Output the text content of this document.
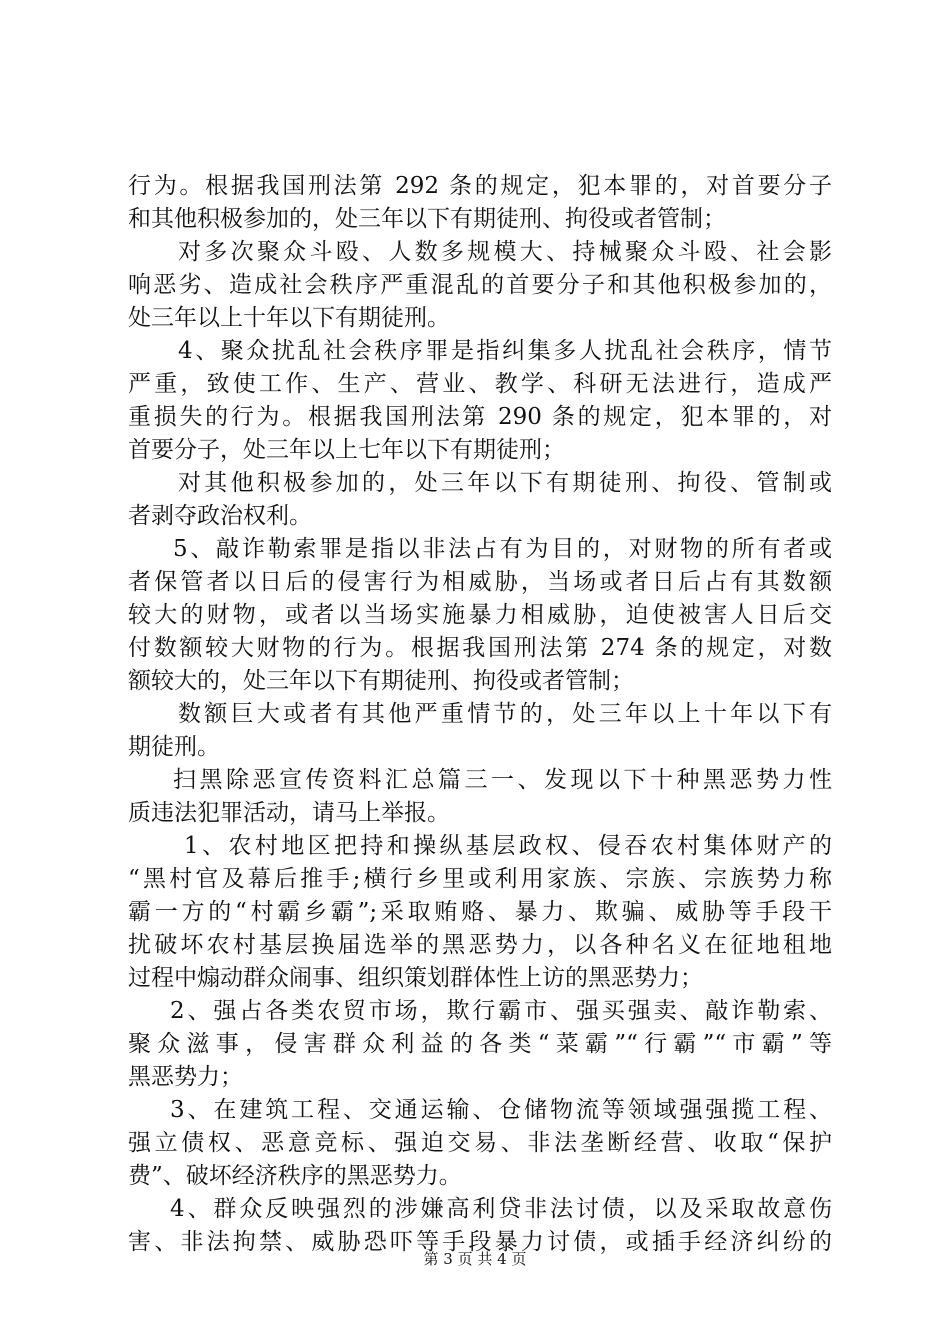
行为。根据我国刑法第 292 条的规定，犯本罪的，对首要分子
和其他积极参加的，处三年以下有期徒刑、拘役或者管制；
对多次聚众斗殴、人数多规模大、持械聚众斗殴、社会影
响恶劣、造成社会秩序严重混乱的首要分子和其他积极参加的，
处三年以上十年以下有期徒刑。
4、聚众扰乱社会秩序罪是指纠集多人扰乱社会秩序，情节
严重，致使工作、生产、营业、教学、科研无法进行，造成严
重损失的行为。根据我国刑法第 290 条的规定，犯本罪的，对
首要分子，处三年以上七年以下有期徒刑；
对其他积极参加的，处三年以下有期徒刑、拘役、管制或
者剥夺政治权利。
5、敲诈勒索罪是指以非法占有为目的，对财物的所有者或
者保管者以日后的侵害行为相威胁，当场或者日后占有其数额
较大的财物，或者以当场实施暴力相威胁，迫使被害人日后交
付数额较大财物的行为。根据我国刑法第 274 条的规定，对数
额较大的，处三年以下有期徒刑、拘役或者管制；
数额巨大或者有其他严重情节的，处三年以上十年以下有
期徒刑。
扫黑除恶宣传资料汇总篇三一、发现以下十种黑恶势力性
质违法犯罪活动，请马上举报。
1、农村地区把持和操纵基层政权、侵吞农村集体财产的
“黑村官及幕后推手;横行乡里或利用家族、宗族、宗族势力称
霸一方的“村霸乡霸”;采取贿赂、暴力、欺骗、威胁等手段干
扰破坏农村基层换届选举的黑恶势力，以各种名义在征地租地
过程中煽动群众闹事、组织策划群体性上访的黑恶势力；
2、强占各类农贸市场，欺行霸市、强买强卖、敲诈勒索、
聚众滋事，侵害群众利益的各类“菜霸”“行霸”“市霸”等
黑恶势力；
3、在建筑工程、交通运输、仓储物流等领域强强揽工程、
强立债权、恶意竞标、强迫交易、非法垄断经营、收取“保护
费”、破坏经济秩序的黑恶势力。
4、群众反映强烈的涉嫌高利贷非法讨债，以及采取故意伤
害、非法拘禁、威胁恐吓等手段暴力讨债，或插手经济纠纷的
第 3 页 共 4 页
